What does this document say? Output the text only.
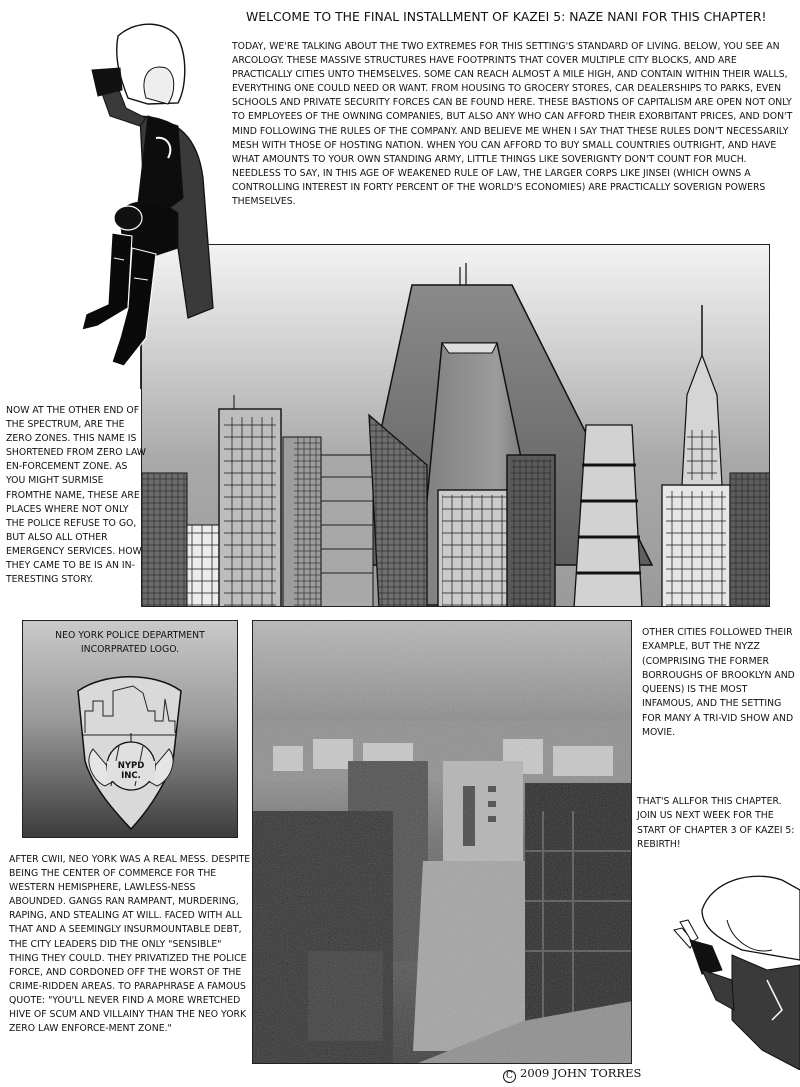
WELCOME TO THE FINAL INSTALLMENT OF KAZEI 5: NAZE NANI FOR THIS CHAPTER!
TODAY, WE'RE TALKING ABOUT THE TWO EXTREMES FOR THIS SETTING'S STANDARD OF LIVING. BELOW, YOU SEE AN ARCOLOGY. THESE MASSIVE STRUCTURES HAVE FOOTPRINTS THAT COVER MULTIPLE CITY BLOCKS, AND ARE PRACTICALLY CITIES UNTO THEMSELVES. SOME CAN REACH ALMOST A MILE HIGH, AND CONTAIN WITHIN THEIR WALLS, EVERYTHING ONE COULD NEED OR WANT. FROM HOUSING TO GROCERY STORES, CAR DEALERSHIPS TO PARKS, EVEN SCHOOLS AND PRIVATE SECURITY FORCES CAN BE FOUND HERE. THESE BASTIONS OF CAPITALISM ARE OPEN NOT ONLY TO EMPLOYEES OF THE OWNING COMPANIES, BUT ALSO ANY WHO CAN AFFORD THEIR EXORBITANT PRICES, AND DON'T MIND FOLLOWING THE RULES OF THE COMPANY. AND BELIEVE ME WHEN I SAY THAT THESE RULES DON'T NECESSARILY MESH WITH THOSE OF HOSTING NATION. WHEN YOU CAN AFFORD TO BUY SMALL COUNTRIES OUTRIGHT, AND HAVE WHAT AMOUNTS TO YOUR OWN STANDING ARMY, LITTLE THINGS LIKE SOVERIGNTY DON'T COUNT FOR MUCH. NEEDLESS TO SAY, IN THIS AGE OF WEAKENED RULE OF LAW, THE LARGER CORPS LIKE JINSEI (WHICH OWNS A CONTROLLING INTEREST IN FORTY PERCENT OF THE WORLD'S ECONOMIES) ARE PRACTICALLY SOVERIGN POWERS THEMSELVES.
NOW AT THE OTHER END OF THE SPECTRUM, ARE THE ZERO ZONES. THIS NAME IS SHORTENED FROM ZERO LAW EN-FORCEMENT ZONE. AS YOU MIGHT SURMISE FROMTHE NAME, THESE ARE PLACES WHERE NOT ONLY THE POLICE REFUSE TO GO, BUT ALSO ALL OTHER EMERGENCY SERVICES. HOW THEY CAME TO BE IS AN IN-TERESTING STORY.
NEO YORK POLICE DEPARTMENT
INCORPRATED LOGO.
NYPD INC.
AFTER CWII, NEO YORK WAS A REAL MESS. DESPITE BEING THE CENTER OF COMMERCE FOR THE WESTERN HEMISPHERE, LAWLESS-NESS ABOUNDED. GANGS RAN RAMPANT, MURDERING, RAPING, AND STEALING AT WILL. FACED WITH ALL THAT AND A SEEMINGLY INSURMOUNTABLE DEBT, THE CITY LEADERS DID THE ONLY "SENSIBLE" THING THEY COULD. THEY PRIVATIZED THE POLICE FORCE, AND CORDONED OFF THE WORST OF THE CRIME-RIDDEN AREAS. TO PARAPHRASE A FAMOUS QUOTE: "YOU'LL NEVER FIND A MORE WRETCHED HIVE OF SCUM AND VILLAINY THAN THE NEO YORK ZERO LAW ENFORCE-MENT ZONE."
OTHER CITIES FOLLOWED THEIR EXAMPLE, BUT THE NYZZ (COMPRISING THE FORMER BORROUGHS OF BROOKLYN AND QUEENS) IS THE MOST INFAMOUS, AND THE SETTING FOR MANY A TRI-VID SHOW AND MOVIE.
THAT'S ALLFOR THIS CHAPTER. JOIN US NEXT WEEK FOR THE START OF CHAPTER 3 OF KAZEI 5: REBIRTH!
C 2009 JOHN TORRES
